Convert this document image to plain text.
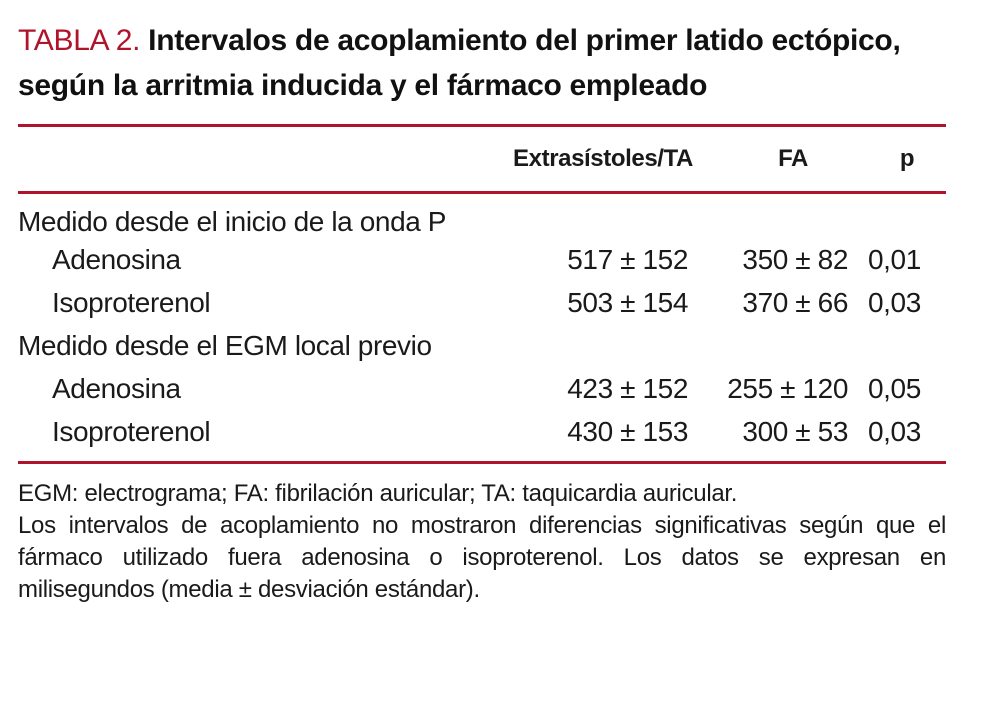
TABLA 2. Intervalos de acoplamiento del primer latido ectópico, según la arritmia inducida y el fármaco empleado

	Extrasístoles/TA	FA	p

Medido desde el inicio de la onda P			
Adenosina	517 ± 152	350 ± 82	0,01
Isoproterenol	503 ± 154	370 ± 66	0,03
Medido desde el EGM local previo			
Adenosina	423 ± 152	255 ± 120	0,05
Isoproterenol	430 ± 153	300 ± 53	0,03

EGM: electrograma; FA: fibrilación auricular; TA: taquicardia auricular.

Los intervalos de acoplamiento no mostraron diferencias significativas según que el fármaco utilizado fuera adenosina o isoproterenol. Los datos se expresan en milisegundos (media ± desviación estándar).
